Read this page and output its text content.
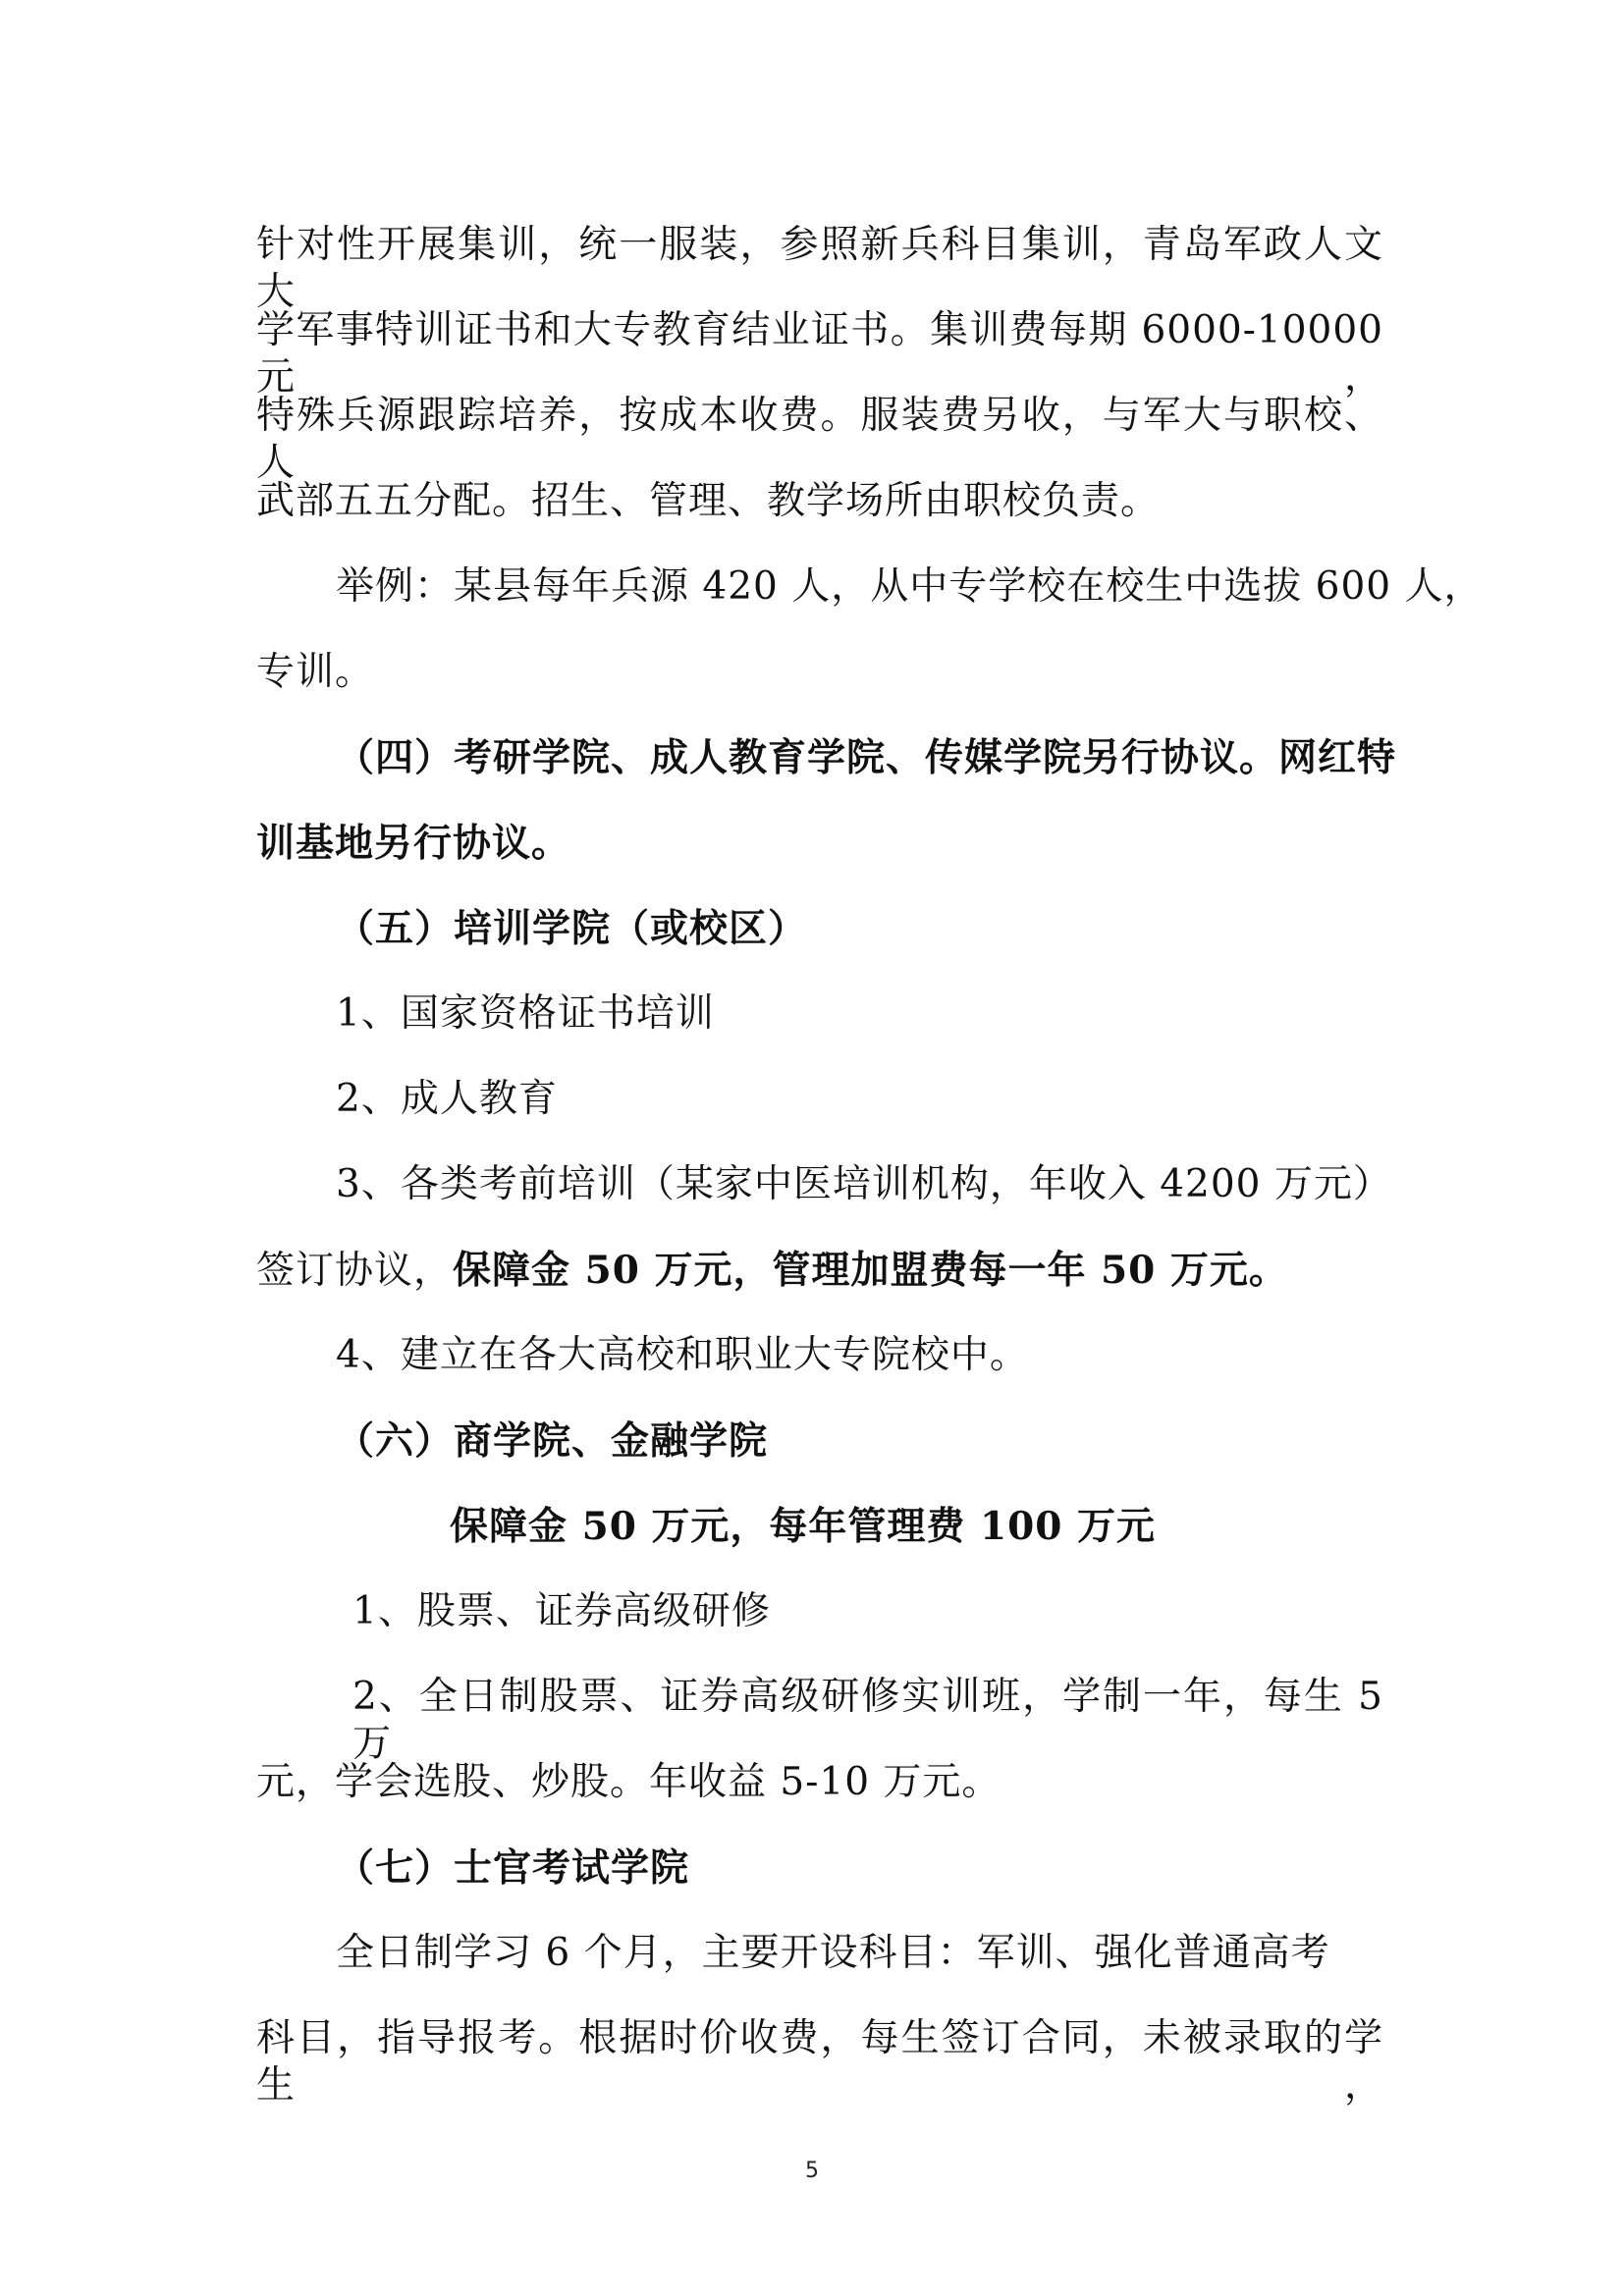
针对性开展集训，统一服装，参照新兵科目集训，青岛军政人文大
学军事特训证书和大专教育结业证书。集训费每期 6000-10000 元，
特殊兵源跟踪培养，按成本收费。服装费另收，与军大与职校、人
武部五五分配。招生、管理、教学场所由职校负责。
举例：某县每年兵源 420 人，从中专学校在校生中选拔 600 人，
专训。
（四）考研学院、成人教育学院、传媒学院另行协议。网红特
训基地另行协议。
（五）培训学院（或校区）
1、国家资格证书培训
2、成人教育
3、各类考前培训（某家中医培训机构，年收入 4200 万元）
签订协议，保障金 50 万元，管理加盟费每一年 50 万元。
4、建立在各大高校和职业大专院校中。
（六）商学院、金融学院
保障金 50 万元，每年管理费 100 万元
1、股票、证券高级研修
2、全日制股票、证券高级研修实训班，学制一年，每生 5 万
元，学会选股、炒股。年收益 5-10 万元。
（七）士官考试学院
全日制学习 6 个月，主要开设科目：军训、强化普通高考
科目，指导报考。根据时价收费，每生签订合同，未被录取的学生，
5
